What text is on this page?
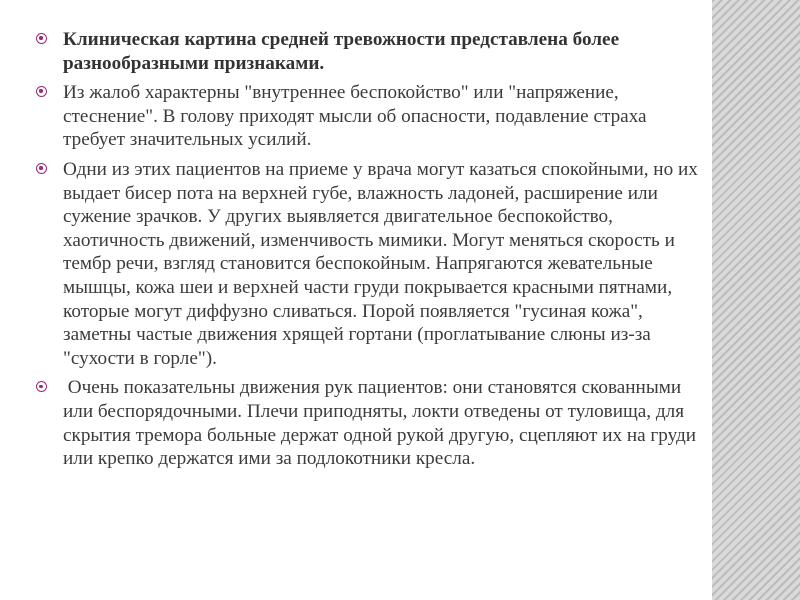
Клиническая картина средней тревожности представлена более разнообразными признаками.
Из жалоб характерны "внутреннее беспокойство" или "напряжение, стеснение". В голову приходят мысли об опасности, подавление страха требует значительных усилий.
Одни из этих пациентов на приеме у врача могут казаться спокойными, но их выдает бисер пота на верхней губе, влажность ладоней, расширение или сужение зрачков. У других выявляется двигательное беспокойство, хаотичность движений, изменчивость мимики. Могут меняться скорость и тембр речи, взгляд становится беспокойным. Напрягаются жевательные мышцы, кожа шеи и верхней части груди покрывается красными пятнами, которые могут диффузно сливаться. Порой появляется "гусиная кожа", заметны частые движения хрящей гортани (проглатывание слюны из-за "сухости в горле").
Очень показательны движения рук пациентов: они становятся скованными или беспорядочными. Плечи приподняты, локти отведены от туловища, для скрытия тремора больные держат одной рукой другую, сцепляют их на груди или крепко держатся ими за подлокотники кресла.
